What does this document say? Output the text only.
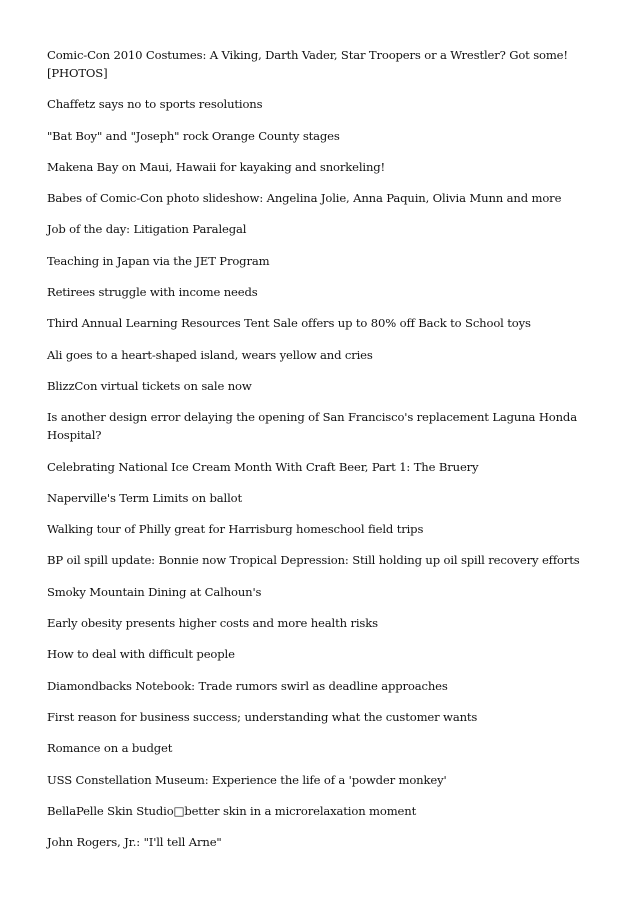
Comic-Con 2010 Costumes: A Viking, Darth Vader, Star Troopers or a Wrestler? Got some! [PHOTOS]
Chaffetz says no to sports resolutions
"Bat Boy" and "Joseph" rock Orange County stages
Makena Bay on Maui, Hawaii for kayaking and snorkeling!
Babes of Comic-Con photo slideshow: Angelina Jolie, Anna Paquin, Olivia Munn and more
Job of the day: Litigation Paralegal
Teaching in Japan via the JET Program
Retirees struggle with income needs
Third Annual Learning Resources Tent Sale offers up to 80% off Back to School toys
Ali goes to a heart-shaped island, wears yellow and cries
BlizzCon virtual tickets on sale now
Is another design error delaying the opening of San Francisco's replacement Laguna Honda Hospital?
Celebrating National Ice Cream Month With Craft Beer, Part 1: The Bruery
Naperville's Term Limits on ballot
Walking tour of Philly great for Harrisburg homeschool field trips
BP oil spill update: Bonnie now Tropical Depression: Still holding up oil spill recovery efforts
Smoky Mountain Dining at Calhoun's
Early obesity presents higher costs and more health risks
How to deal with difficult people
Diamondbacks Notebook: Trade rumors swirl as deadline approaches
First reason for business success; understanding what the customer wants
Romance on a budget
USS Constellation Museum: Experience the life of a 'powder monkey'
BellaPelle Skin Studio□better skin in a microrelaxation moment
John Rogers, Jr.: "I'll tell Arne"
